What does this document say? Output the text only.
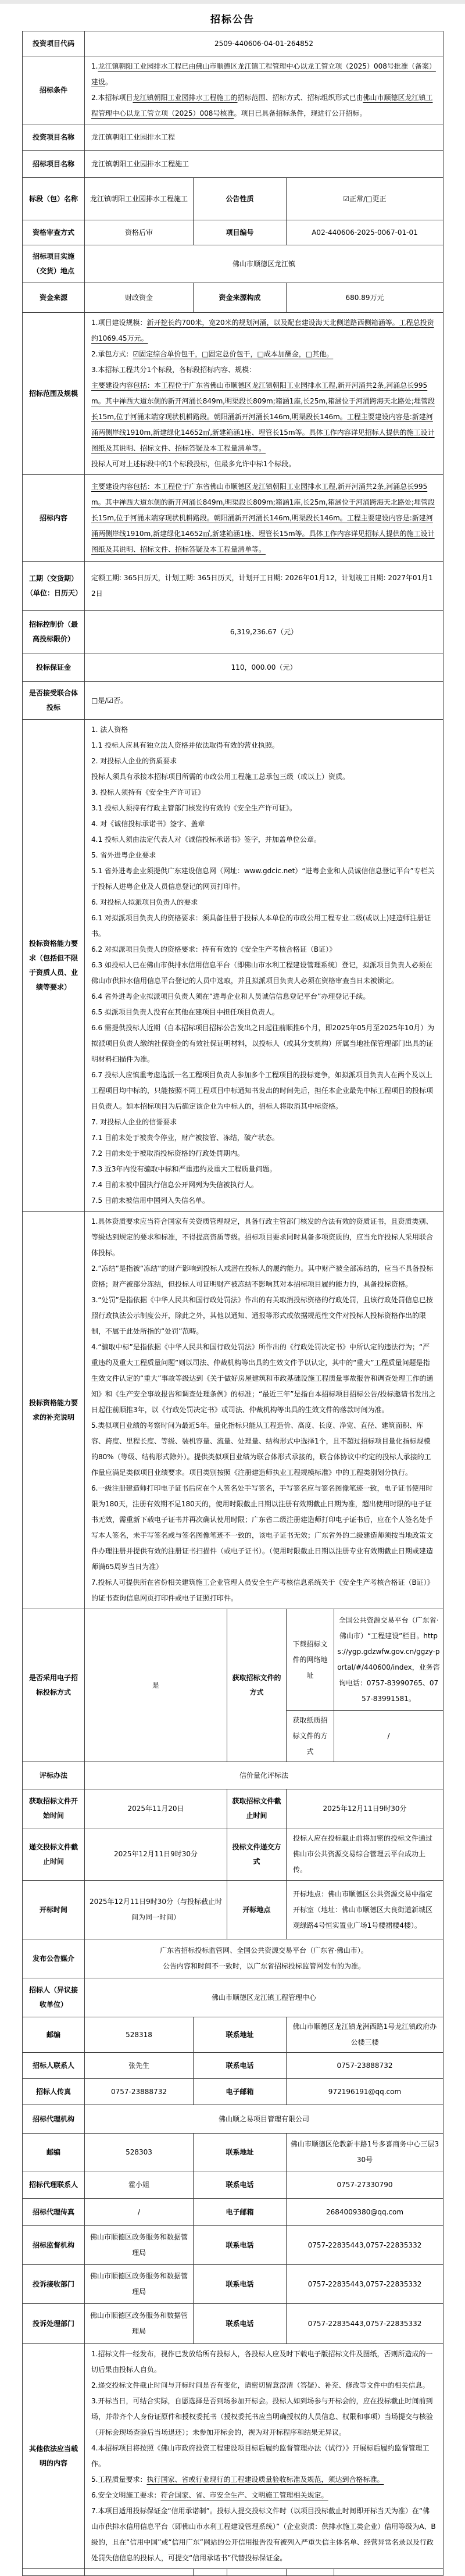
招标公告
投资项目代码	2509-440606-04-01-264852				

招标条件	1.龙江镇朝阳工业园排水工程已由佛山市顺德区龙江镇工程管理中心以龙工管立项（2025）008号批准（备案）建设。
2.本招标项目龙江镇朝阳工业园排水工程施工的招标范围、招标方式、招标组织形式已由佛山市顺德区龙江镇工程管理中心以龙工管立项（2025）008号核准。项目已具备招标条件，现进行公开招标。				

投资项目名称	龙江镇朝阳工业园排水工程				

招标项目名称	龙江镇朝阳工业园排水工程施工				

标段（包）名称	龙江镇朝阳工业园排水工程施工	公告性质		☑正常/□更正	

资格审查方式	资格后审	项目编号		A02-440606-2025-0067-01-01	

招标项目实施（交货）地点	佛山市顺德区龙江镇				

资金来源	财政资金	资金来源构成		680.89万元	

招标范围及规模	1.项目建设规模：新开挖长约700米，宽20米的规划河涌，以及配套建设海天北侧道路西侧箱涵等。工程总投资约1069.45万元。
2.承包方式：☑固定综合单价包干，□固定总价包干，□成本加酬金，□其他。
3.本招标工程共分1个标段，各标段招标内容、规模：
主要建设内容包括：本工程位于广东省佛山市顺德区龙江镇朝阳工业园排水工程,新开河涌共2条,河涌总长995m。其中禅西大道东侧的新开河涌长849m,明渠段长809m;箱涵1座,长25m,箱涵位于河涌跨海天北路处;埋管段长15m,位于河涌末端穿现状机耕路段。朝阳涌新开河涌长146m,明渠段长146m。工程主要建设内容是:新建河涌两侧岸线1910m,新建绿化14652㎡,新建箱涵1座、埋管长15m等。具体工作内容详见招标人提供的施工设计图纸及其说明、招标文件、招标答疑及本工程量清单等。
投标人可对上述标段中的1个标段投标，但最多允许中标1个标段。				

招标内容	主要建设内容包括：本工程位于广东省佛山市顺德区龙江镇朝阳工业园排水工程,新开河涌共2条,河涌总长995m。其中禅西大道东侧的新开河涌长849m,明渠段长809m;箱涵1座,长25m,箱涵位于河涌跨海天北路处;埋管段长15m,位于河涌末端穿现状机耕路段。朝阳涌新开河涌长146m,明渠段长146m。工程主要建设内容是:新建河涌两侧岸线1910m,新建绿化14652㎡,新建箱涵1座、埋管长15m等。具体工作内容详见招标人提供的施工设计图纸及其说明、招标文件、招标答疑及本工程量清单等。				

工期（交货期）（单位：日历天）	定额工期: 365日历天，计划工期: 365日历天，计划开工日期: 2026年01月12，计划竣工日期: 2027年01月12日				

招标控制价（最高投标限价）	6,319,236.67（元）				

投标保证金	110，000.00（元）				

是否接受联合体投标	□是/☑否。				

投标资格能力要求（包括但不限于资质人员、业绩等要求）	
1. 法人资格
1.1 投标人应具有独立法人资格并依法取得有效的营业执照。
2. 对投标人企业的资质要求
投标人须具有承接本招标项目所需的市政公用工程施工总承包三级（或以上）资质。
3. 投标人须持有《安全生产许可证》
3.1 投标人须持有行政主管部门核发的有效的《安全生产许可证》。
4. 对《诚信投标承诺书》签字、盖章
4.1 投标人须由法定代表人对《诚信投标承诺书》签字，并加盖单位公章。
5. 省外进粤企业要求
5.1 省外进粤企业须提供广东建设信息网（网址：www.gdcic.net）“进粤企业和人员诚信信息登记平台”专栏关于投标人进粤企业及人员信息登记的网页打印件。
6. 对投标人拟派项目负责人的要求
6.1 对拟派项目负责人的资格要求：须具备注册于投标人本单位的市政公用工程专业二级(或以上)建造师注册证书。
6.2 对拟派项目负责人的资格要求：持有有效的《安全生产考核合格证（B证）》
6.3 如投标人已在佛山市供排水信用信息平台（即佛山市水利工程建设管理系统）登记，拟派项目负责人必须在佛山市供排水信用信息平台登记的人员中选取，并且拟派项目负责人必须在资格审查当日未被锁定。
6.4 省外进粤企业拟派项目负责人须在“进粤企业和人员诚信信息登记平台”办理登记手续。
6.5 拟派项目负责人没有在其他在建项目中担任项目负责人。
6.6 需提供投标人近期（自本招标项目招标公告发出之日起往前顺推6个月，即2025年05月至2025年10月）为拟派项目负责人缴纳社保资金的有效社保证明材料，以投标人（或其分支机构）所属当地社保管理部门出具的证明材料扫描件为准。
6.7 投标人应慎重考虑选派一名工程项目负责人参加多个工程项目的投标竞争，如拟派项目负责人在两个及以上工程项目均中标的，只能按照不同工程项目中标通知书发出的时间先后，担任本企业最先中标工程项目的投标项目负责人。如本招标项目为后确定该企业为中标人的，招标人将取消其中标资格。
7. 对投标人企业的信誉要求
7.1 目前未处于被责令停业，财产被接管、冻结，破产状态。
7.2 目前未处于被取消投标资格的行政处罚期内。
7.3 近3年内没有骗取中标和严重违约及重大工程质量问题。
7.4 目前未被中国执行信息公开网列为失信被执行人。
7.5 目前未被信用中国列入失信名单。

投标资格能力要求的补充说明	
1.具体资质要求应当符合国家有关资质管理规定，具备行政主管部门核发的合法有效的资质证书，且资质类别、等级达到规定的要求和标准，不得提高资质等级。招标项目要求同时具备多项资质的，应当允许投标人采用联合体投标。
2.“冻结”是指被“冻结”的财产影响到投标人或潜在投标人的履约能力。其中财产被全部冻结的，应当不具备投标资格；财产被部分冻结，但投标人可证明财产被冻结不影响其对本招标项目履约能力的，具备投标资格。
3.“处罚”是指依据《中华人民共和国行政处罚法》作出的有关取消投标资格的行政处罚，且该行政处罚信息已按照行政执法公示制度公开，除此之外，其他以通知、通报等形式或依据规范性文件对投标人投标资格作出的限制，不属于此处所指的“处罚”范畴。
4.“骗取中标”是指依据《中华人民共和国行政处罚法》所作出的《行政处罚决定书》中所认定的违法行为；“严重违约及重大工程质量问题”则以司法、仲裁机构等出具的生效文件予以认定，其中的“重大”工程质量问题是指生效文件认定的“重大”事故等级达到《关于做好房屋建筑和市政基础设施工程质量事故报告和调查处理工作的通知》和《生产安全事故报告和调查处理条例》的标准；“最近三年”是指自本招标项目招标公告/投标邀请书发出之日起往前顺推3年，以《行政处罚决定书》或司法、仲裁机构等出具的生效文件的落款时间为准。
5.类似项目业绩的考察时间为最近5年。量化指标只能从工程造价、高度、长度、净宽、直径、建筑面积、库容、跨度、里程长度、等级、装机容量、流量、处理量、结构形式中选择1个，且不超过招标项目量化指标规模的80%（等级、结构形式除外）。提供类似项目业绩为联合体形式承接的，联合体协议中约定的投标人承接的工作量应满足类似项目业绩要求。项目类别按照《注册建造师执业工程规模标准》中的工程类别划分执行。
6.一级注册建造师打印电子证书后应在个人签名处手写签名，手写签名应与签名图像笔迹一致，电子证书使用时限为180天，注册有效期不足180天的，使用时限截止日期以注册有效期截止日期为准，超出使用时限的电子证书无效，需重新下载电子证书并再次确认使用时限；广东省二级注册建造师打印电子证书后，应在个人签名处手写本人签名，未手写签名或与签名图像笔迹不一致的，该电子证书无效；广东省外的二级建造师须按当地政策文件办理注册并提供有效的注册证书扫描件（或电子证书）。（使用时限截止日期以注册专业有效期截止日期或建造师满65周岁当日为准）
7.投标人可提供所在省份相关建筑施工企业管理人员安全生产考核信息系统关于《安全生产考核合格证（B证）》的证书查询信息网页打印件或电子证照打印件。

是否采用电子招标投标方式	是		获取招标文件的方式	下载招标文件的网络地址	全国公共资源交易平台（广东省·佛山市）“工程建设”栏目。https://ygp.gdzwfw.gov.cn/ggzy-portal/#/440600/index，业务咨询电话：0757-83990765、0757-83991581。

				获取纸质招标文件的方式	/

评标办法	信价量化评标法				

获取招标文件开始时间	2025年11月20日		获取招标文件截止时间	2025年12月11日9时30分	

递交投标文件截止时间	2025年12月11日9时30分		投标文件递交方式	投标人应在投标截止前将加密的投标文件通过佛山市公共资源交易综合管理云平台成功上传。	

开标时间	2025年12月11日9时30分（与投标截止时间为同一时间）		开标地点	开标地点：佛山市顺德区公共资源交易中指定开标室（地址：佛山市顺德区大良街道新城区观绿路4号恒实置业广场1号楼裙楼4楼）。	

发布公告媒介	广东省招标投标监管网、全国公共资源交易平台（广东省·佛山市）。
公告内容和时间不一致时，以广东省招标投标监管网发布的为准。				

招标人（异议接收单位）	佛山市顺德区龙江镇工程管理中心				

邮编	528318	联系地址		佛山市顺德区龙江镇龙洲西路1号龙江镇政府办公楼三楼	

招标人联系人	张先生	联系电话		0757-23888732	

招标人传真	0757-23888732	电子邮箱		972196191@qq.com	

招标代理机构	佛山顺之易项目管理有限公司				

邮编	528303	联系地址		佛山市顺德区伦教新丰路1号多喜商务中心三层330号	

招标代理联系人	霍小姐	联系电话		0757-27330790	

招标代理传真	/	电子邮箱		2684009380@qq.com	

招标监督机构	佛山市顺德区政务服务和数据管理局	联系电话		0757-22835443,0757-22835332	

投诉接收部门	佛山市顺德区政务服务和数据管理局	联系电话		0757-22835443,0757-22835332	

投诉处理部门	佛山市顺德区政务服务和数据管理局	联系电话		0757-22835443,0757-22835332	

其他依法应当载明的内容	
1.招标文件一经发布，视作已发放给所有投标人，各投标人应及时下载电子版招标文件及图纸，否则所造成的一切后果由投标人自负。
2.递交投标文件截止时间与开标时间是否有变化，请密切留意澄清（答疑）、补充、修改等文件中的相关信息。
3.开标当日，可结合实际，自愿选择是否到场参加开标会。投标人如到场参与开标会的，应在投标截止时间前到场，并带齐个人身份证原件和授权委托书（授权委托书应当明确授权的人员信息、权限和事项）当场提交与核验（开标会现场查验后当场退还）；未参加开标会的，视为对开标程序和结果无异议。
4.本招标项目将按照《佛山市政府投资工程建设项目标后履约监督管理办法（试行）》开展标后履约监督管理工作。
5.工程质量要求：执行国家、省或行业现行的工程建设质量验收标准及规范，须达到合格标准。
6.安全文明施工要求：符合国家、省、市安全生产、文明施工管理相关规定。
7.本项目适用投标保证金“信用承诺制”。投标人提交投标文件时（以项目投标截止时间即开标当天为准）在“佛山市供排水信用信息平台（即佛山市水利工程建设管理系统）”（企业资质：供排水施工类企业）信用等级为A、B级的，且在“信用中国”或“信用广东”网站的公开信用报告没有被列入严重失信主体名单、经营异常名录以及行政处罚失信信息的投标人，可提交“信用承诺书”代替投标保证金。
